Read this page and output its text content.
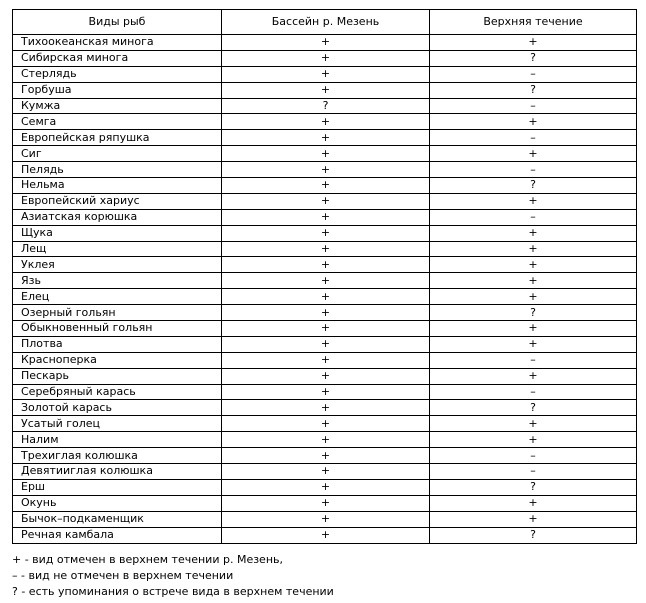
Виды рыб	Бассейн р. Мезень	Верхняя течение
Тихоокеанская минога	+	+
Сибирская минога	+	?
Стерлядь	+	–
Горбуша	+	?
Кумжа	?	–
Семга	+	+
Европейская ряпушка	+	–
Сиг	+	+
Пелядь	+	–
Нельма	+	?
Европейский хариус	+	+
Азиатская корюшка	+	–
Щука	+	+
Лещ	+	+
Уклея	+	+
Язь	+	+
Елец	+	+
Озерный гольян	+	?
Обыкновенный гольян	+	+
Плотва	+	+
Красноперка	+	–
Пескарь	+	+
Серебряный карась	+	–
Золотой карась	+	?
Усатый голец	+	+
Налим	+	+
Трехиглая колюшка	+	–
Девятииглая колюшка	+	–
Ерш	+	?
Окунь	+	+
Бычок–подкаменщик	+	+
Речная камбала	+	?
+ - вид отмечен в верхнем течении р. Мезень,
– - вид не отмечен в верхнем течении
? - есть упоминания о встрече вида в верхнем течении
